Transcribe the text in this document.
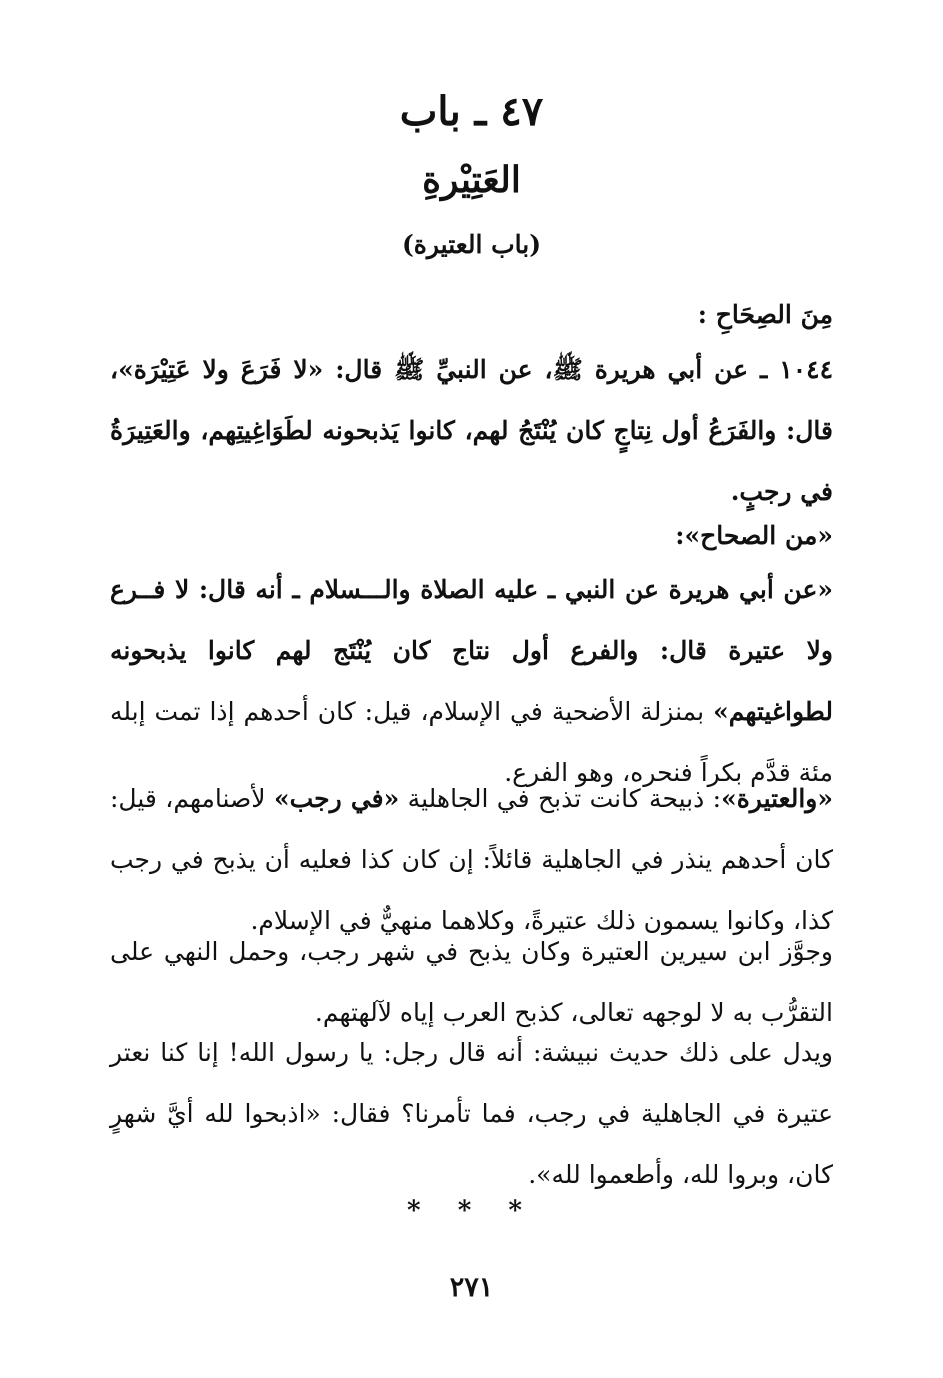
٤٧ ـ باب
العَتِيْرةِ
(باب العتيرة)
مِنَ الصِحَاحِ :
١٠٤٤ ـ عن أبي هريرة ﷺ، عن النبيِّ ﷺ قال: «لا فَرَعَ ولا عَتِيْرَة»، قال: والفَرَعُ أول نِتاجٍ كان يُنْتَجُ لهم، كانوا يَذبحونه لطَوَاغِيتِهم، والعَتِيرَةُ في رجبٍ.
«من الصحاح»:
«عن أبي هريرة عن النبي ـ عليه الصلاة والـــسلام ـ أنه قال: لا فــرع ولا عتيرة قال: والفرع أول نتاج كان يُنْتَج لهم كانوا يذبحونه لطواغيتهم» بمنزلة الأضحية في الإسلام، قيل: كان أحدهم إذا تمت إبله مئة قدَّم بكراً فنحره، وهو الفرع.
«والعتيرة»: ذبيحة كانت تذبح في الجاهلية «في رجب» لأصنامهم، قيل: كان أحدهم ينذر في الجاهلية قائلاً: إن كان كذا فعليه أن يذبح في رجب كذا، وكانوا يسمون ذلك عتيرةً، وكلاهما منهيٌّ في الإسلام.
وجوَّز ابن سيرين العتيرة وكان يذبح في شهر رجب، وحمل النهي على التقرُّب به لا لوجهه تعالى، كذبح العرب إياه لآلهتهم.
ويدل على ذلك حديث نبيشة: أنه قال رجل: يا رسول الله! إنا كنا نعتر عتيرة في الجاهلية في رجب، فما تأمرنا؟ فقال: «اذبحوا لله أيَّ شهرٍ كان، وبروا لله، وأطعموا لله».
* * *
٢٧١
